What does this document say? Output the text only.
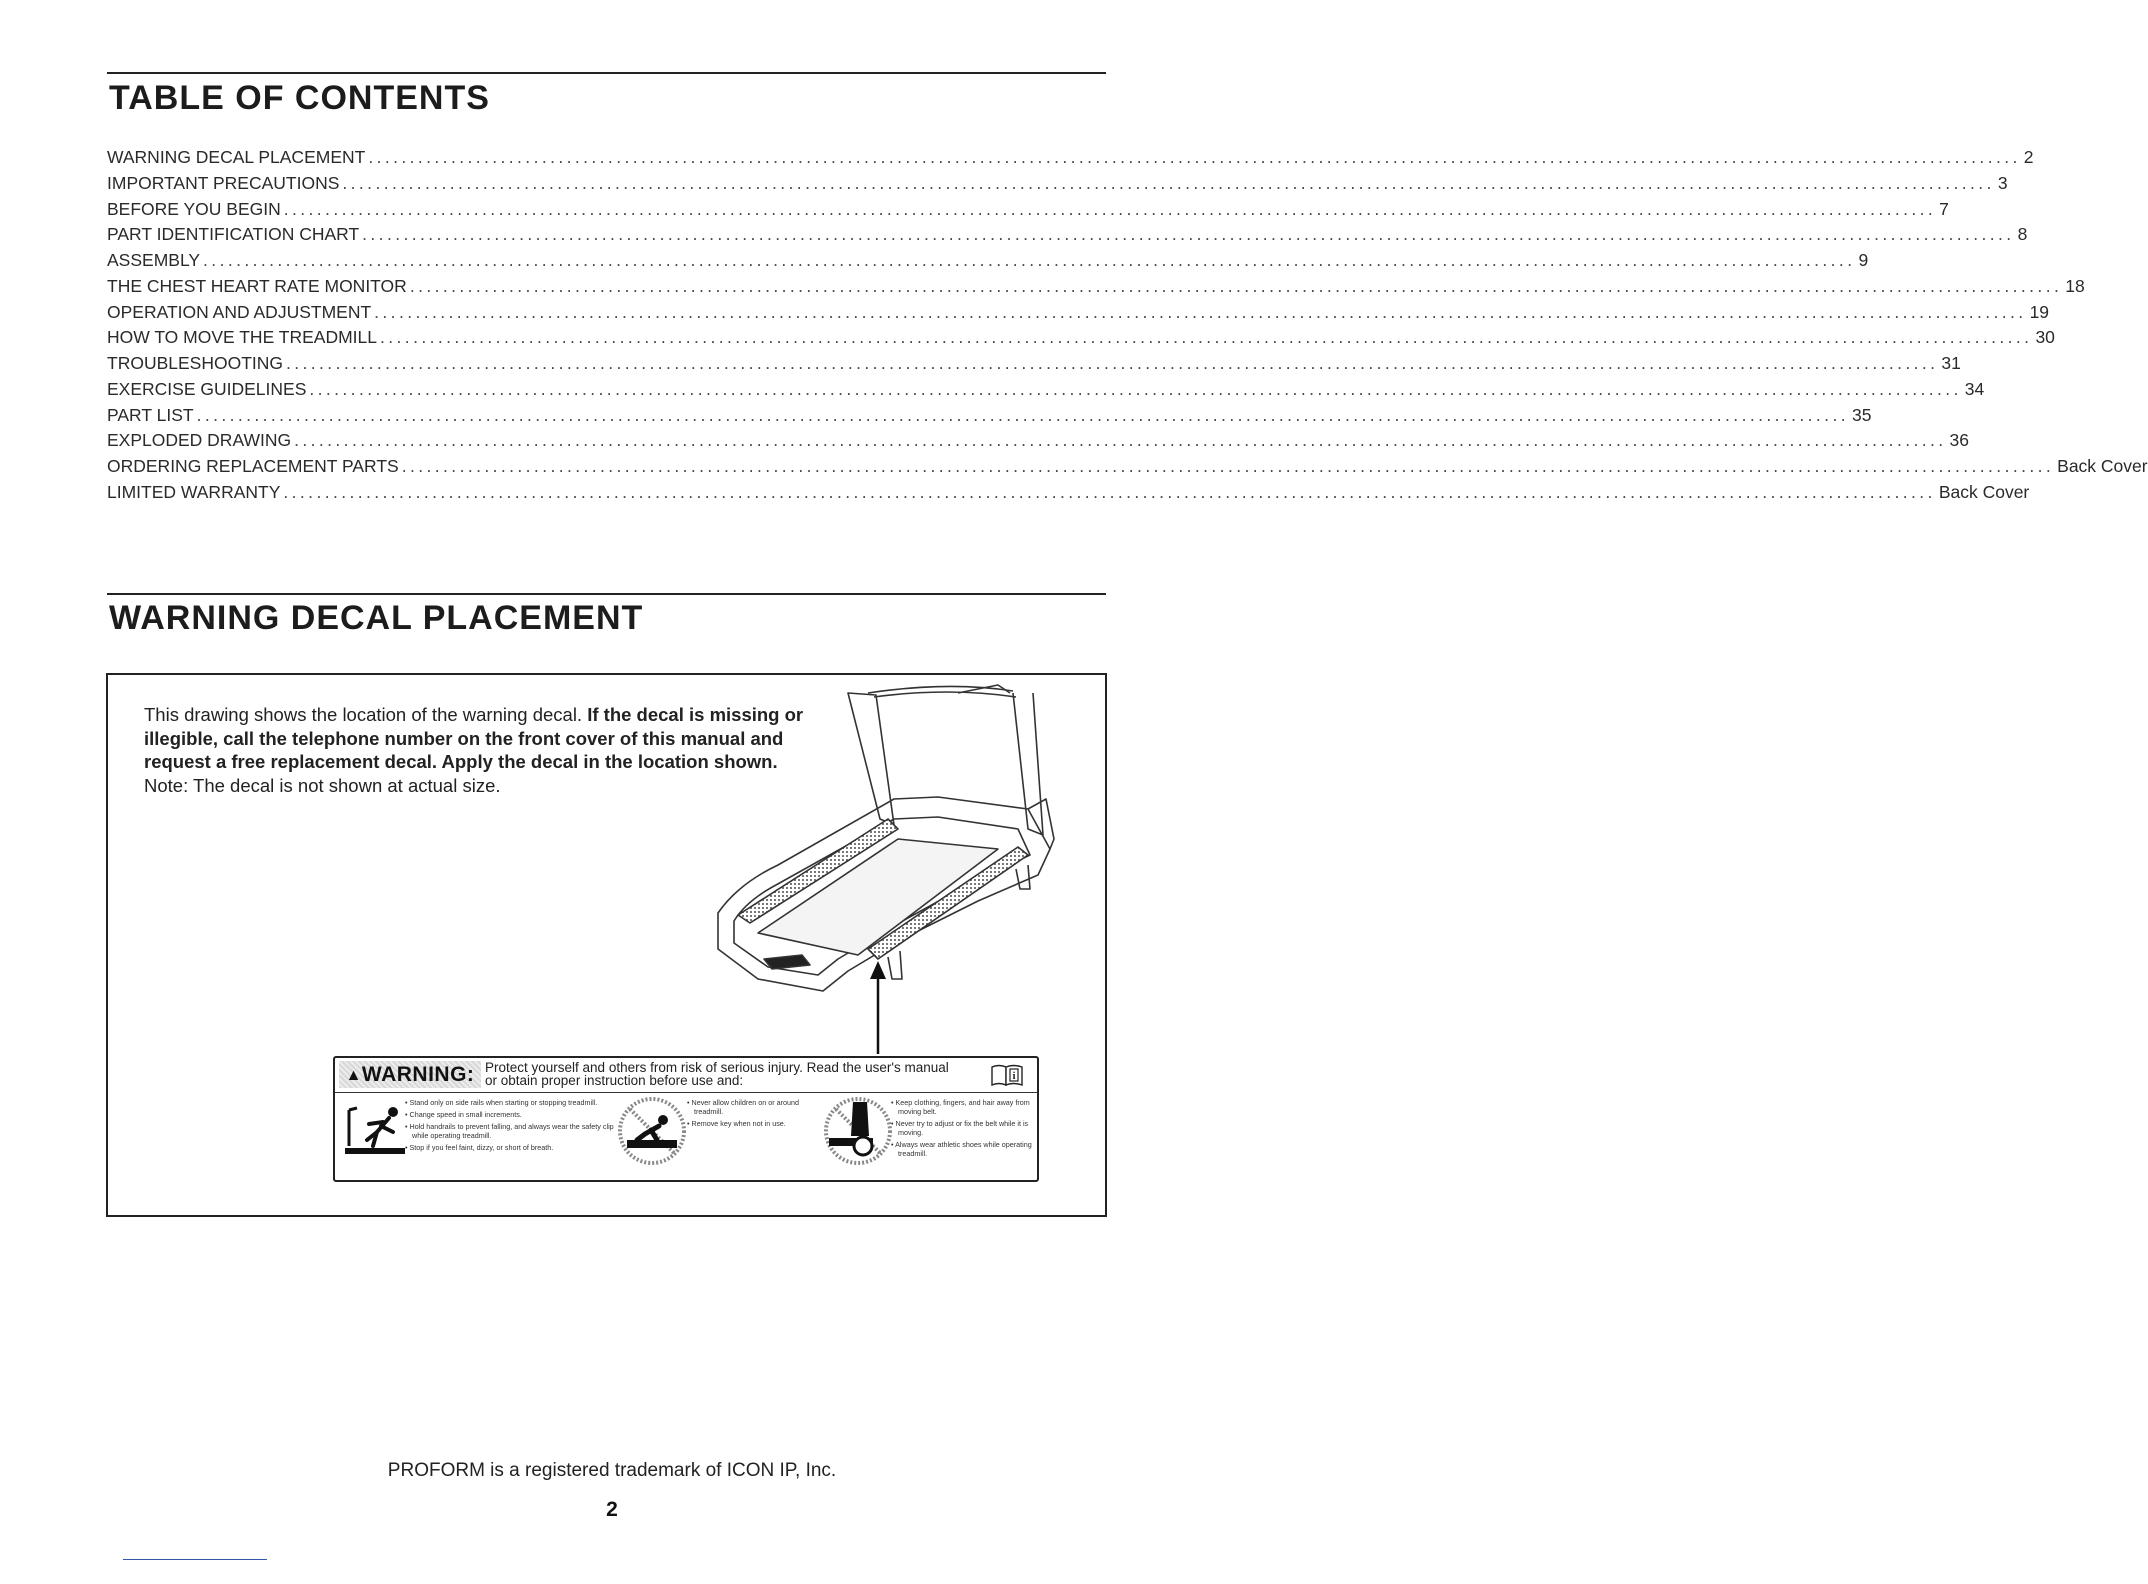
TABLE OF CONTENTS
WARNING DECAL PLACEMENT ........................................................................................................................................................................................................ 2
IMPORTANT PRECAUTIONS ........................................................................................................................................................................................................ 3
BEFORE YOU BEGIN ........................................................................................................................................................................................................ 7
PART IDENTIFICATION CHART ........................................................................................................................................................................................................ 8
ASSEMBLY ........................................................................................................................................................................................................ 9
THE CHEST HEART RATE MONITOR ........................................................................................................................................................................................................ 18
OPERATION AND ADJUSTMENT ........................................................................................................................................................................................................ 19
HOW TO MOVE THE TREADMILL ........................................................................................................................................................................................................ 30
TROUBLESHOOTING ........................................................................................................................................................................................................ 31
EXERCISE GUIDELINES ........................................................................................................................................................................................................ 34
PART LIST ........................................................................................................................................................................................................ 35
EXPLODED DRAWING ........................................................................................................................................................................................................ 36
ORDERING REPLACEMENT PARTS ........................................................................................................................................................................................................ Back Cover
LIMITED WARRANTY ........................................................................................................................................................................................................ Back Cover
WARNING DECAL PLACEMENT
This drawing shows the location of the warning decal. If the decal is missing or illegible, call the telephone number on the front cover of this manual and request a free replacement decal. Apply the decal in the location shown. Note: The decal is not shown at actual size.
▲WARNING: Protect yourself and others from risk of serious injury. Read the user's manual
or obtain proper instruction before use and:	i
• Stand only on side rails when starting or stopping treadmill.
• Change speed in small increments.
• Hold handrails to prevent falling, and always wear the safety clip while operating treadmill.
• Stop if you feel faint, dizzy, or short of breath.
• Never allow children on or around treadmill.
• Remove key when not in use.
• Keep clothing, fingers, and hair away from moving belt.
• Never try to adjust or fix the belt while it is moving.
• Always wear athletic shoes while operating treadmill.
PROFORM is a registered trademark of ICON IP, Inc.
2
